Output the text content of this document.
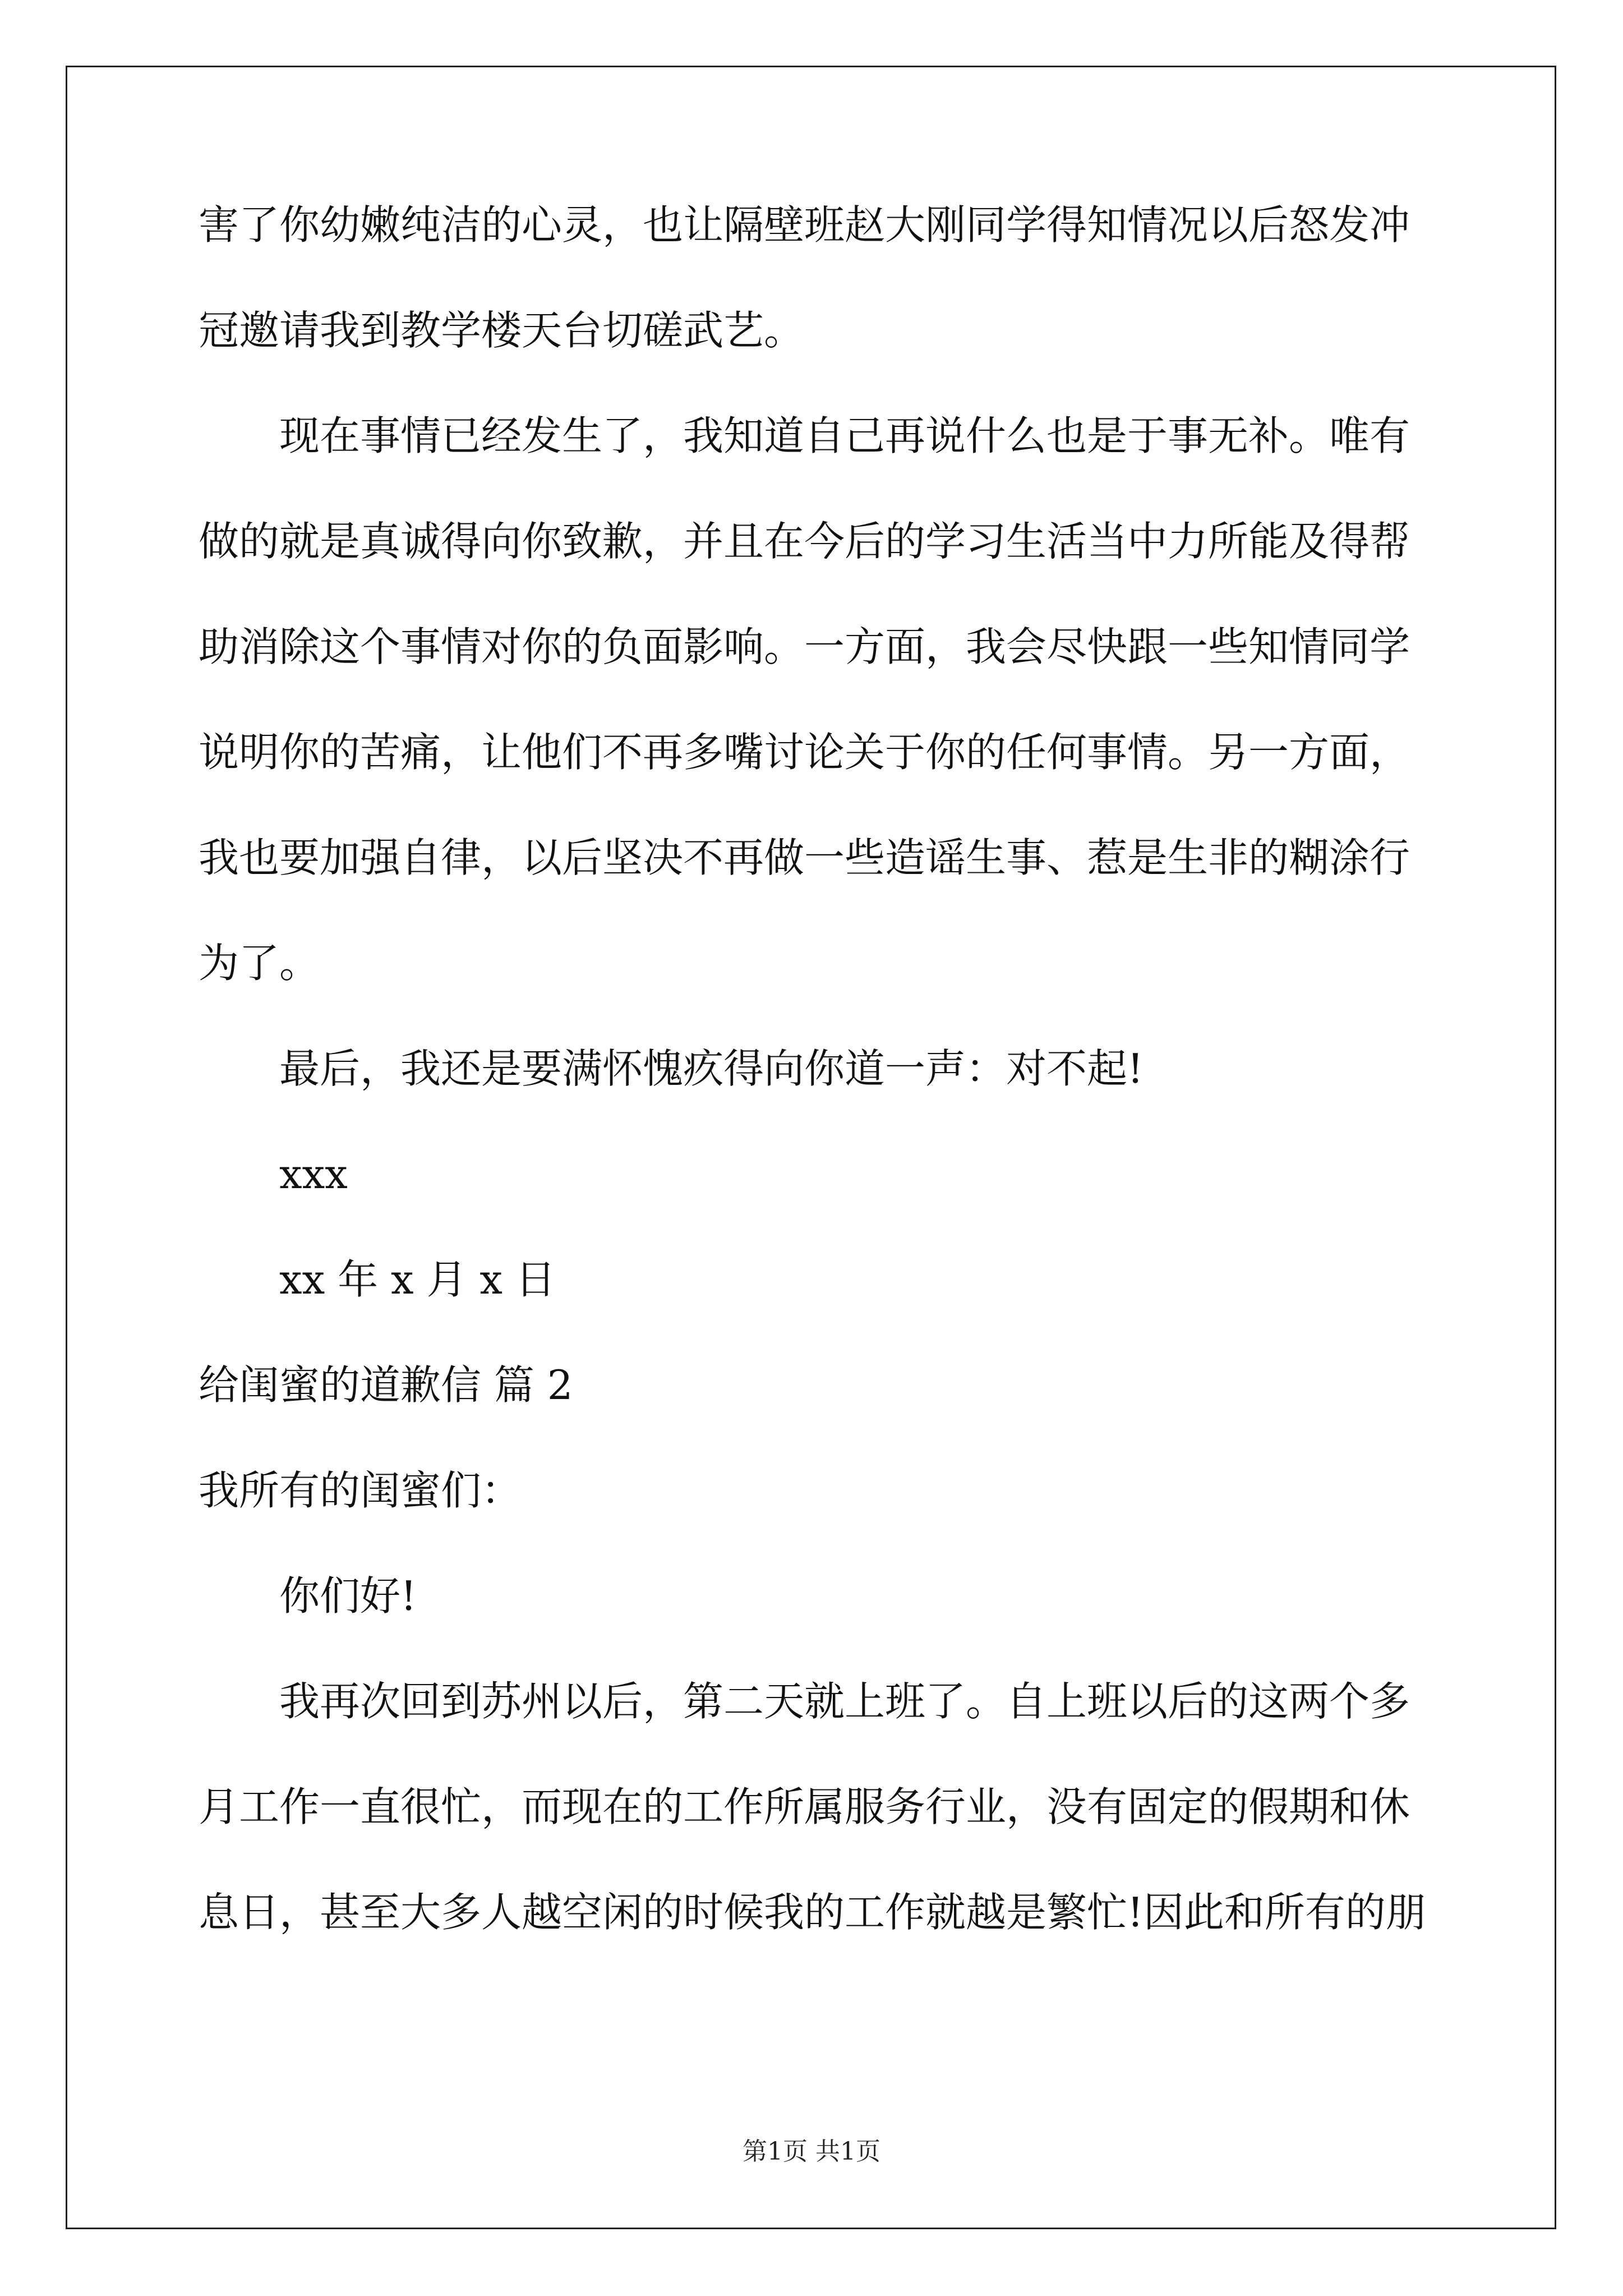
害了你幼嫩纯洁的心灵，也让隔壁班赵大刚同学得知情况以后怒发冲
冠邀请我到教学楼天台切磋武艺。
现在事情已经发生了，我知道自己再说什么也是于事无补。唯有
做的就是真诚得向你致歉，并且在今后的学习生活当中力所能及得帮
助消除这个事情对你的负面影响。一方面，我会尽快跟一些知情同学
说明你的苦痛，让他们不再多嘴讨论关于你的任何事情。另一方面，
我也要加强自律，以后坚决不再做一些造谣生事、惹是生非的糊涂行
为了。
最后，我还是要满怀愧疚得向你道一声：对不起!
xxx
xx 年 x 月 x 日
给闺蜜的道歉信 篇 2
我所有的闺蜜们：
你们好!
我再次回到苏州以后，第二天就上班了。自上班以后的这两个多
月工作一直很忙，而现在的工作所属服务行业，没有固定的假期和休
息日，甚至大多人越空闲的时候我的工作就越是繁忙!因此和所有的朋
第1页 共1页
